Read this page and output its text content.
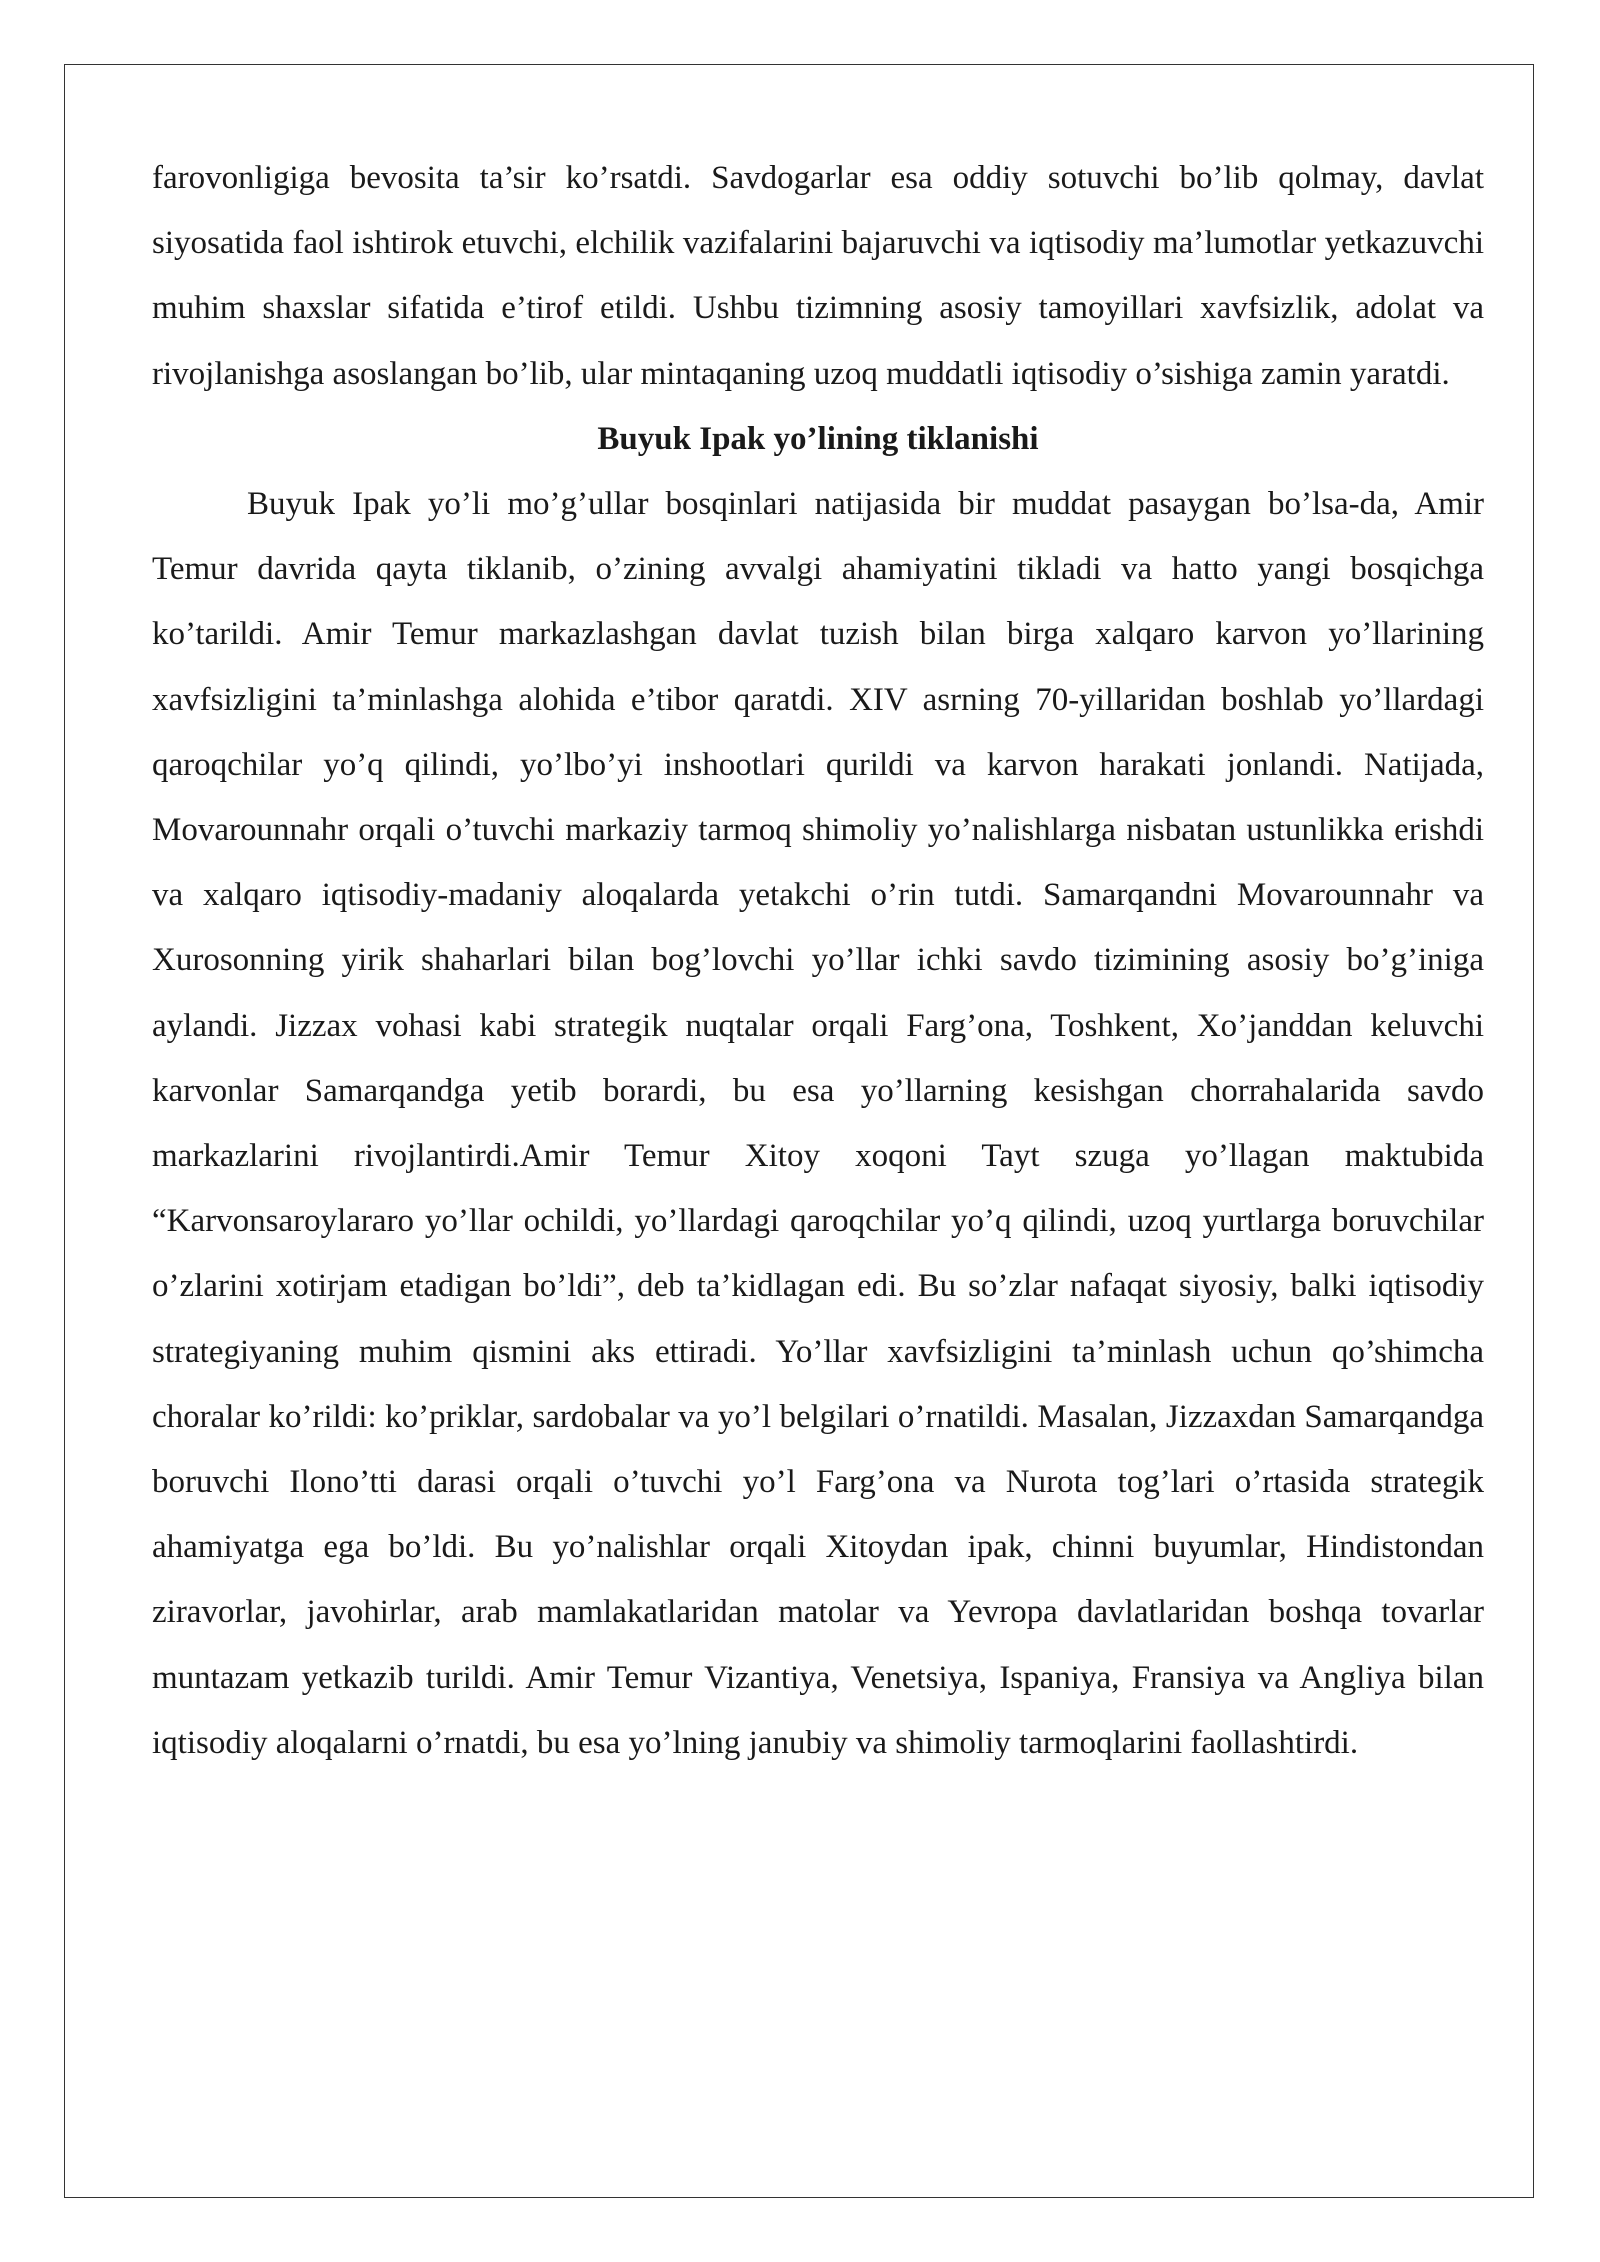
farovonligiga bevosita ta’sir ko’rsatdi. Savdogarlar esa oddiy sotuvchi bo’lib qolmay, davlat siyosatida faol ishtirok etuvchi, elchilik vazifalarini bajaruvchi va iqtisodiy ma’lumotlar yetkazuvchi muhim shaxslar sifatida e’tirof etildi. Ushbu tizimning asosiy tamoyillari xavfsizlik, adolat va rivojlanishga asoslangan bo’lib, ular mintaqaning uzoq muddatli iqtisodiy o’sishiga zamin yaratdi.

Buyuk Ipak yo’lining tiklanishi

Buyuk Ipak yo’li mo’g’ullar bosqinlari natijasida bir muddat pasaygan bo’lsa-da, Amir Temur davrida qayta tiklanib, o’zining avvalgi ahamiyatini tikladi va hatto yangi bosqichga ko’tarildi. Amir Temur markazlashgan davlat tuzish bilan birga xalqaro karvon yo’llarining xavfsizligini ta’minlashga alohida e’tibor qaratdi. XIV asrning 70-yillaridan boshlab yo’llardagi qaroqchilar yo’q qilindi, yo’lbo’yi inshootlari qurildi va karvon harakati jonlandi. Natijada, Movarounnahr orqali o’tuvchi markaziy tarmoq shimoliy yo’nalishlarga nisbatan ustunlikka erishdi va xalqaro iqtisodiy-madaniy aloqalarda yetakchi o’rin tutdi. Samarqandni Movarounnahr va Xurosonning yirik shaharlari bilan bog’lovchi yo’llar ichki savdo tizimining asosiy bo’g’iniga aylandi. Jizzax vohasi kabi strategik nuqtalar orqali Farg’ona, Toshkent, Xo’janddan keluvchi karvonlar Samarqandga yetib borardi, bu esa yo’llarning kesishgan chorrahalarida savdo markazlarini rivojlantirdi.Amir Temur Xitoy xoqoni Tayt szuga yo’llagan maktubida “Karvonsaroylararo yo’llar ochildi, yo’llardagi qaroqchilar yo’q qilindi, uzoq yurtlarga boruvchilar o’zlarini xotirjam etadigan bo’ldi”, deb ta’kidlagan edi. Bu so’zlar nafaqat siyosiy, balki iqtisodiy strategiyaning muhim qismini aks ettiradi. Yo’llar xavfsizligini ta’minlash uchun qo’shimcha choralar ko’rildi: ko’priklar, sardobalar va yo’l belgilari o’rnatildi. Masalan, Jizzaxdan Samarqandga boruvchi Ilono’tti darasi orqali o’tuvchi yo’l Farg’ona va Nurota tog’lari o’rtasida strategik ahamiyatga ega bo’ldi. Bu yo’nalishlar orqali Xitoydan ipak, chinni buyumlar, Hindistondan ziravorlar, javohirlar, arab mamlakatlaridan matolar va Yevropa davlatlaridan boshqa tovarlar muntazam yetkazib turildi. Amir Temur Vizantiya, Venetsiya, Ispaniya, Fransiya va Angliya bilan iqtisodiy aloqalarni o’rnatdi, bu esa yo’lning janubiy va shimoliy tarmoqlarini faollashtirdi.
